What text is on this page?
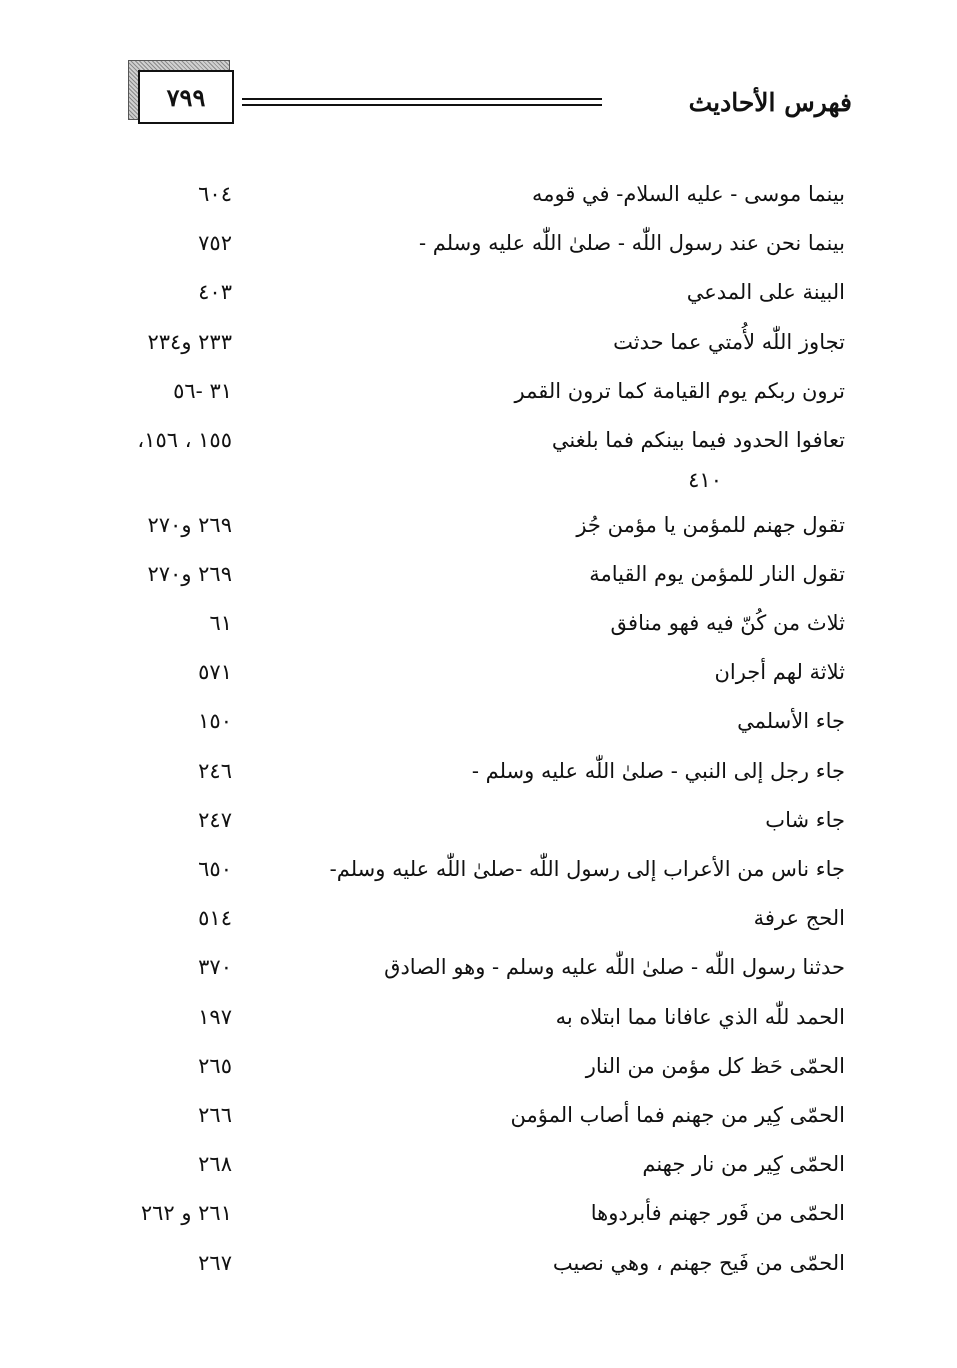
٧٩٩	فهرس الأحاديث
بينما موسى - عليه السلام- في قومه
٦٠٤
بينما نحن عند رسول اللّٰه - صلىٰ اللّٰه عليه وسلم -
٧٥٢
البينة على المدعي
٤٠٣
تجاوز اللّٰه لأُمتي عما حدثت
٢٣٣ و٢٣٤
ترون ربكم يوم القيامة كما ترون القمر
٣١ -٥٦
تعافوا الحدود فيما بينكم فما بلغني
١٥٥ ، ١٥٦،
٤١٠
تقول جهنم للمؤمن يا مؤمن جُز
٢٦٩ و٢٧٠
تقول النار للمؤمن يوم القيامة
٢٦٩ و٢٧٠
ثلاث من كُنّ فيه فهو منافق
٦١
ثلاثة لهم أجران
٥٧١
جاء الأسلمي
١٥٠
جاء رجل إلى النبي - صلىٰ اللّٰه عليه وسلم -
٢٤٦
جاء شاب
٢٤٧
جاء ناس من الأعراب إلى رسول اللّٰه -صلىٰ اللّٰه عليه وسلم-
٦٥٠
الحج عرفة
٥١٤
حدثنا رسول اللّٰه - صلىٰ اللّٰه عليه وسلم - وهو الصادق
٣٧٠
الحمد للّٰه الذي عافانا مما ابتلاه به
١٩٧
الحمّى حَظ كل مؤمن من النار
٢٦٥
الحمّى كِير من جهنم فما أصاب المؤمن
٢٦٦
الحمّى كِير من نار جهنم
٢٦٨
الحمّى من فَور جهنم فأبردوها
٢٦١ و ٢٦٢
الحمّى من فَيح جهنم ، وهي نصيب
٢٦٧
